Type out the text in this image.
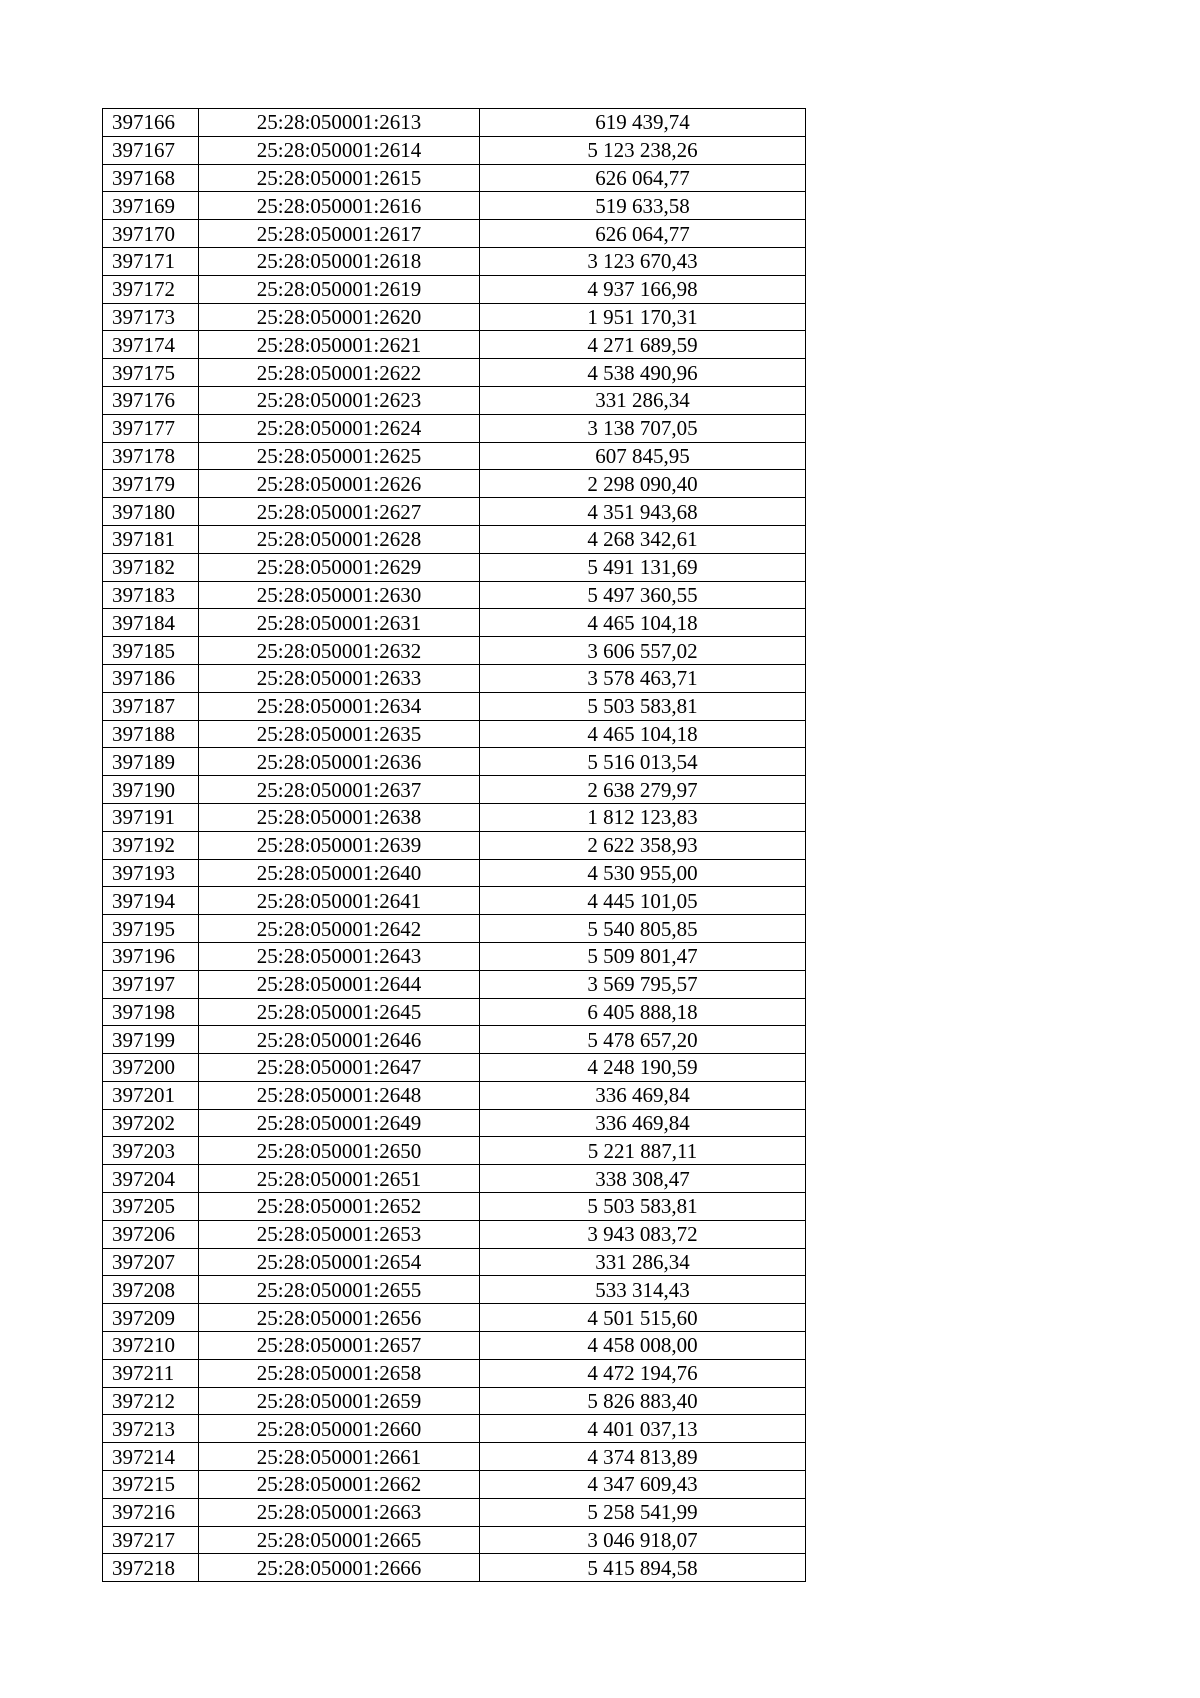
397166	25:28:050001:2613	619 439,74
397167	25:28:050001:2614	5 123 238,26
397168	25:28:050001:2615	626 064,77
397169	25:28:050001:2616	519 633,58
397170	25:28:050001:2617	626 064,77
397171	25:28:050001:2618	3 123 670,43
397172	25:28:050001:2619	4 937 166,98
397173	25:28:050001:2620	1 951 170,31
397174	25:28:050001:2621	4 271 689,59
397175	25:28:050001:2622	4 538 490,96
397176	25:28:050001:2623	331 286,34
397177	25:28:050001:2624	3 138 707,05
397178	25:28:050001:2625	607 845,95
397179	25:28:050001:2626	2 298 090,40
397180	25:28:050001:2627	4 351 943,68
397181	25:28:050001:2628	4 268 342,61
397182	25:28:050001:2629	5 491 131,69
397183	25:28:050001:2630	5 497 360,55
397184	25:28:050001:2631	4 465 104,18
397185	25:28:050001:2632	3 606 557,02
397186	25:28:050001:2633	3 578 463,71
397187	25:28:050001:2634	5 503 583,81
397188	25:28:050001:2635	4 465 104,18
397189	25:28:050001:2636	5 516 013,54
397190	25:28:050001:2637	2 638 279,97
397191	25:28:050001:2638	1 812 123,83
397192	25:28:050001:2639	2 622 358,93
397193	25:28:050001:2640	4 530 955,00
397194	25:28:050001:2641	4 445 101,05
397195	25:28:050001:2642	5 540 805,85
397196	25:28:050001:2643	5 509 801,47
397197	25:28:050001:2644	3 569 795,57
397198	25:28:050001:2645	6 405 888,18
397199	25:28:050001:2646	5 478 657,20
397200	25:28:050001:2647	4 248 190,59
397201	25:28:050001:2648	336 469,84
397202	25:28:050001:2649	336 469,84
397203	25:28:050001:2650	5 221 887,11
397204	25:28:050001:2651	338 308,47
397205	25:28:050001:2652	5 503 583,81
397206	25:28:050001:2653	3 943 083,72
397207	25:28:050001:2654	331 286,34
397208	25:28:050001:2655	533 314,43
397209	25:28:050001:2656	4 501 515,60
397210	25:28:050001:2657	4 458 008,00
397211	25:28:050001:2658	4 472 194,76
397212	25:28:050001:2659	5 826 883,40
397213	25:28:050001:2660	4 401 037,13
397214	25:28:050001:2661	4 374 813,89
397215	25:28:050001:2662	4 347 609,43
397216	25:28:050001:2663	5 258 541,99
397217	25:28:050001:2665	3 046 918,07
397218	25:28:050001:2666	5 415 894,58
